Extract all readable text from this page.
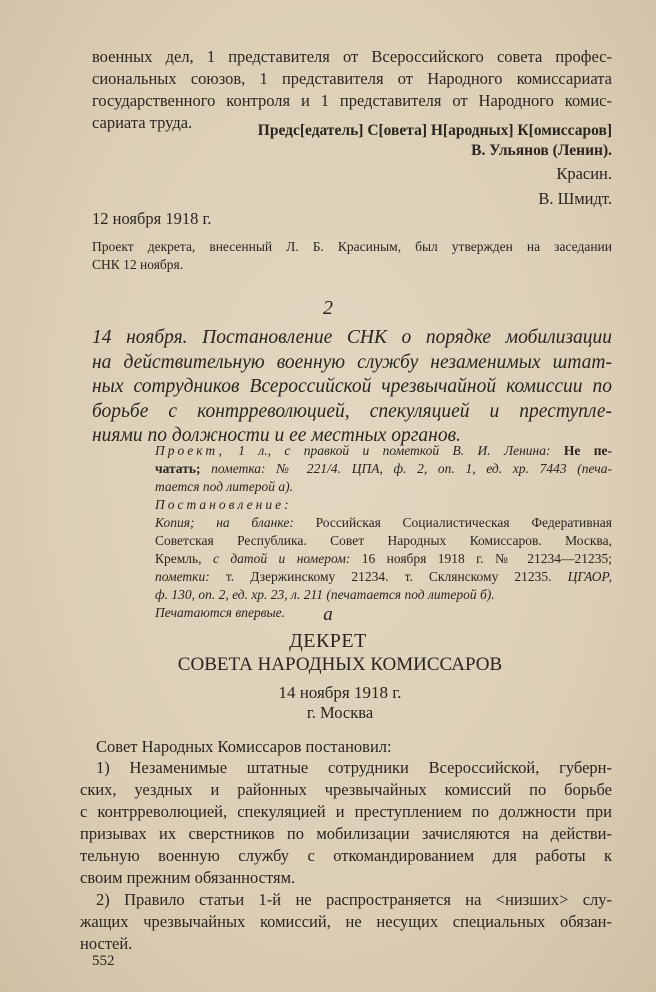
военных дел, 1 представителя от Всероссийского совета профес-
сиональных союзов, 1 представителя от Народного комиссариата
государственного контроля и 1 представителя от Народного комис-
сариата труда.	Предс[едатель] С[овета] Н[ародных] К[омиссаров]
В. Ульянов (Ленин).
Красин.
В. Шмидт.
12 ноября 1918 г.
Проект декрета, внесенный Л. Б. Красиным, был утвержден на заседании
СНК 12 ноября.
2
14 ноября. Постановление СНК о порядке мобилизации
на действительную военную службу незаменимых штат-
ных сотрудников Всероссийской чрезвычайной комиссии по
борьбе с контрреволюцией, спекуляцией и преступле-
ниями по должности и ее местных органов.
Проект, 1 л., с правкой и пометкой В. И. Ленина: Не пе-
чатать; пометка: № 221/4. ЦПА, ф. 2, оп. 1, ед. хр. 7443 (печа-
тается под литерой а).
Постановление:
Копия; на бланке: Российская Социалистическая Федеративная
Советская Республика. Совет Народных Комиссаров. Москва,
Кремль, с датой и номером: 16 ноября 1918 г. № 21234—21235;
пометки: т. Дзержинскому 21234. т. Склянскому 21235. ЦГАОР,
ф. 130, оп. 2, ед. хр. 23, л. 211 (печатается под литерой б).
Печатаются впервые.	а
ДЕКРЕТ
СОВЕТА НАРОДНЫХ КОМИССАРОВ
14 ноября 1918 г.
г. Москва
Совет Народных Комиссаров постановил:
1) Незаменимые штатные сотрудники Всероссийской, губерн-
ских, уездных и районных чрезвычайных комиссий по борьбе
с контрреволюцией, спекуляцией и преступлением по должности при
призывах их сверстников по мобилизации зачисляются на действи-
тельную военную службу с откомандированием для работы к
своим прежним обязанностям.
2) Правило статьи 1-й не распространяется на <низших> слу-
жащих чрезвычайных комиссий, не несущих специальных обязан-
ностей.
552
